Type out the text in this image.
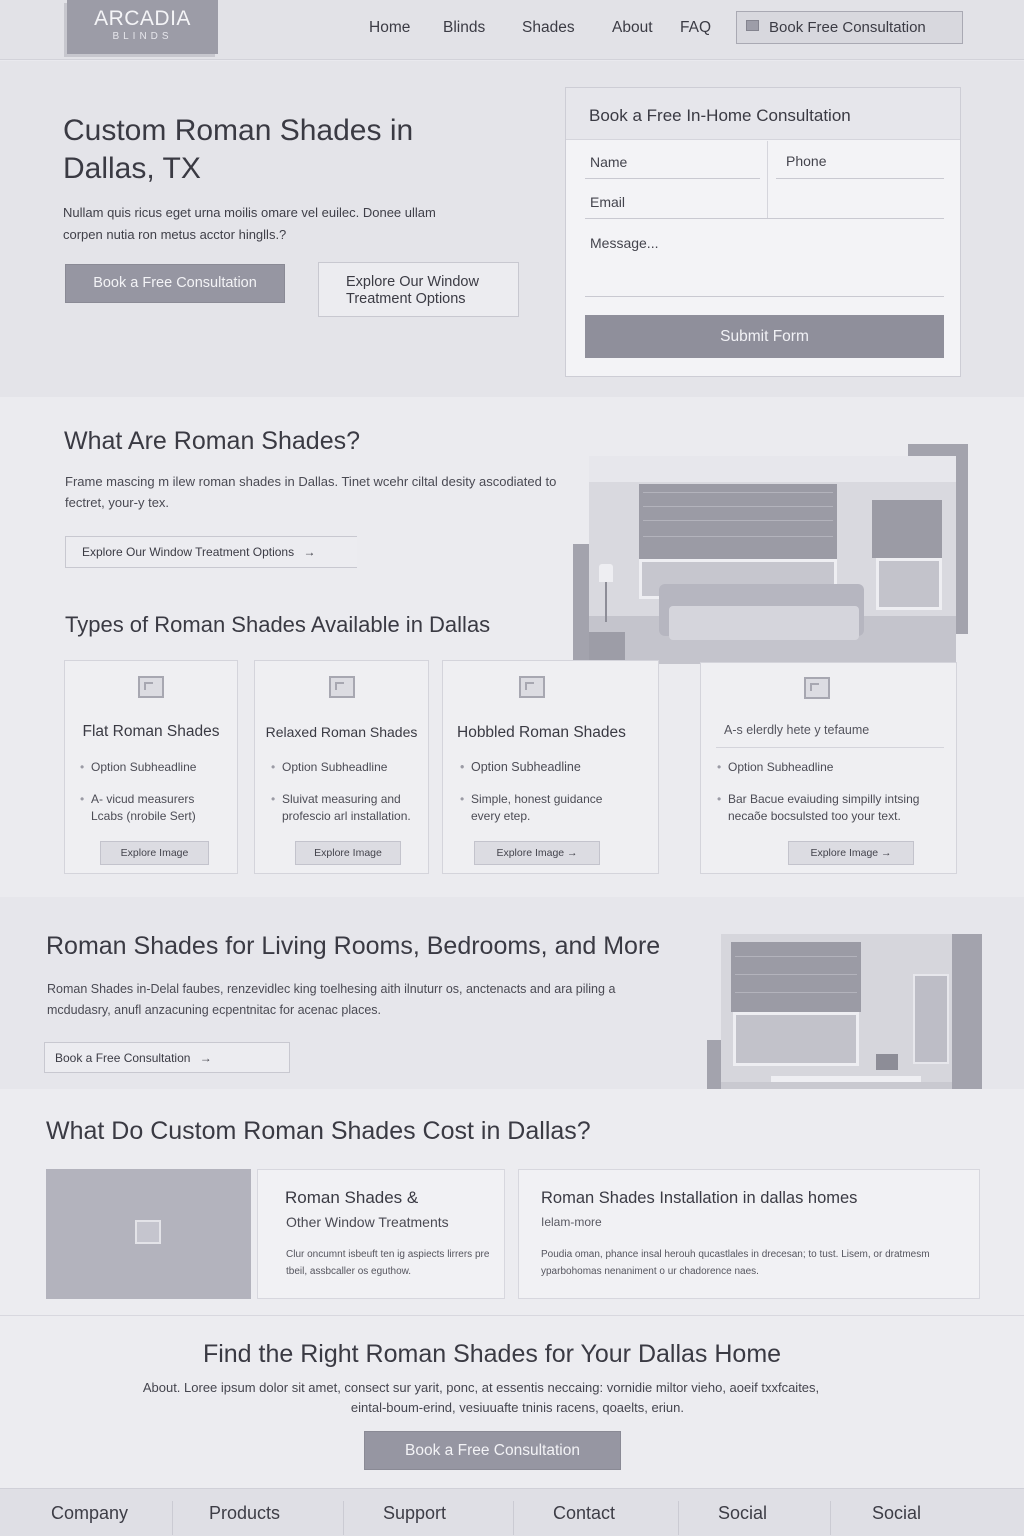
ARCADIA
BLINDS
Home Blinds Shades About FAQ	Book Free Consultation
Custom Roman Shades in Dallas, TX
Nullam quis ricus eget urna moilis omare vel euilec. Donee ullam corpen nutia ron metus acctor hinglls.?
Book a Free Consultation	Explore Our Window Treatment Options
Book a Free In-Home Consultation
Name	Phone
Email
Message...
Submit Form
What Are Roman Shades?
Frame mascing m ilew roman shades in Dallas. Tinet wcehr ciltal desity ascodiated to fectret, your-y tex.
Explore Our Window Treatment Options →
Types of Roman Shades Available in Dallas
Flat Roman Shades
• Option Subheadline
• A- vicud measurers Lcabs (nrobile Sert)
Explore Image
Relaxed Roman Shades
• Option Subheadline
• Sluivat measuring and profescio arl installation.
Explore Image
Hobbled Roman Shades
• Option Subheadline
• Simple, honest guidance every etep.
Explore Image →
A-s elerdly hete y tefaume
• Option Subheadline
• Bar Bacue evaiuding simpilly intsing necaõe bocsulsted too your text.
Explore Image →
Roman Shades for Living Rooms, Bedrooms, and More
Roman Shades in-Delal faubes, renzevidlec king toelhesing aith ilnuturr os, anctenacts and ara piling a mcdudasry, anufl anzacuning ecpentnitac for acenac places.
Book a Free Consultation →
What Do Custom Roman Shades Cost in Dallas?
Roman Shades &
Other Window Treatments
Clur oncumnt isbeuft ten ig aspiects lirrers pre tbeil, assbcaller os eguthow.
Roman Shades Installation in dallas homes
Ielam-more
Poudia oman, phance insal herouh qucastlales in drecesan; to tust. Lisem, or dratmesm yparbohomas nenaniment o ur chadorence naes.
Find the Right Roman Shades for Your Dallas Home
About. Loree ipsum dolor sit amet, consect sur yarit, ponc, at essentis neccaing: vornidie miltor vieho, aoeif txxfcaites,
eintal-boum-erind, vesiuuafte tninis racens, qoaelts, eriun.
Book a Free Consultation
Company	Products	Support	Contact	Social	Social
